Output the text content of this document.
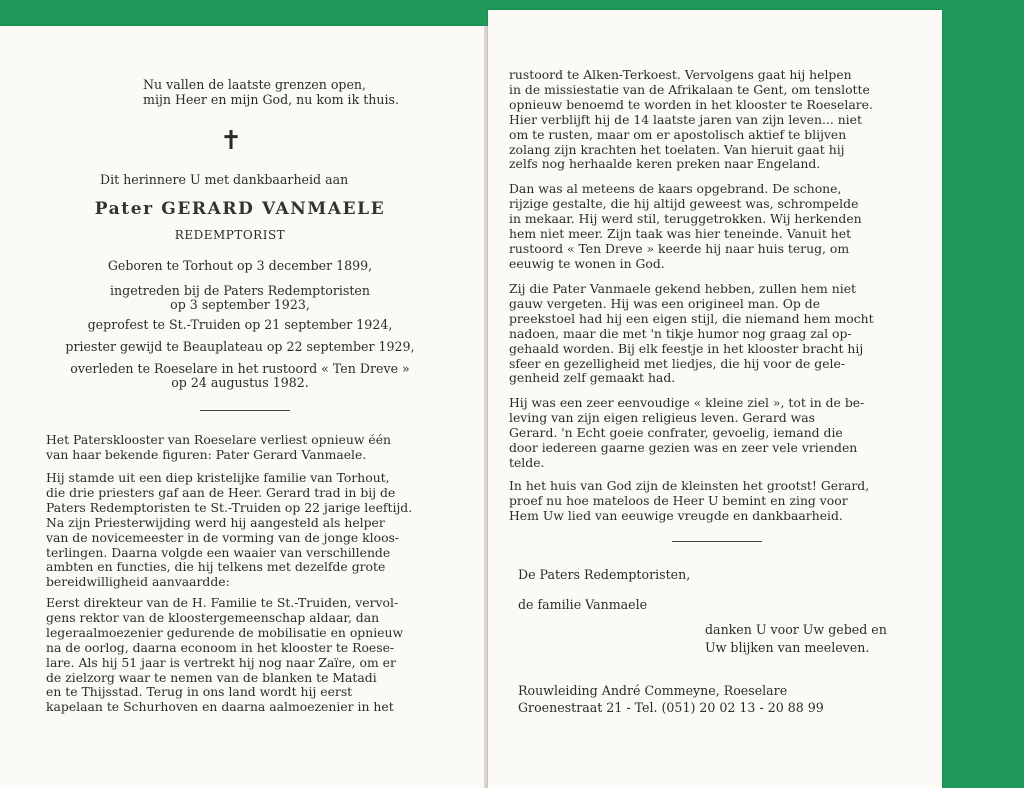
Nu vallen de laatste grenzen open,
mijn Heer en mijn God, nu kom ik thuis.
✝
Dit herinnere U met dankbaarheid aan
Pater GERARD VANMAELE
REDEMPTORIST
Geboren te Torhout op 3 december 1899,
ingetreden bij de Paters Redemptoristen
op 3 september 1923,
geprofest te St.-Truiden op 21 september 1924,
priester gewijd te Beauplateau op 22 september 1929,
overleden te Roeselare in het rustoord « Ten Dreve »
op 24 augustus 1982.
Het Patersklooster van Roeselare verliest opnieuw één
van haar bekende figuren: Pater Gerard Vanmaele.
Hij stamde uit een diep kristelijke familie van Torhout,
die drie priesters gaf aan de Heer. Gerard trad in bij de
Paters Redemptoristen te St.-Truiden op 22 jarige leeftijd.
Na zijn Priesterwijding werd hij aangesteld als helper
van de novicemeester in de vorming van de jonge kloos-
terlingen. Daarna volgde een waaier van verschillende
ambten en functies, die hij telkens met dezelfde grote
bereidwilligheid aanvaardde:
Eerst direkteur van de H. Familie te St.-Truiden, vervol-
gens rektor van de kloostergemeenschap aldaar, dan
legeraalmoezenier gedurende de mobilisatie en opnieuw
na de oorlog, daarna econoom in het klooster te Roese-
lare. Als hij 51 jaar is vertrekt hij nog naar Zaïre, om er
de zielzorg waar te nemen van de blanken te Matadi
en te Thijsstad. Terug in ons land wordt hij eerst
kapelaan te Schurhoven en daarna aalmoezenier in het
rustoord te Alken-Terkoest. Vervolgens gaat hij helpen
in de missiestatie van de Afrikalaan te Gent, om tenslotte
opnieuw benoemd te worden in het klooster te Roeselare.
Hier verblijft hij de 14 laatste jaren van zijn leven... niet
om te rusten, maar om er apostolisch aktief te blijven
zolang zijn krachten het toelaten. Van hieruit gaat hij
zelfs nog herhaalde keren preken naar Engeland.
Dan was al meteens de kaars opgebrand. De schone,
rijzige gestalte, die hij altijd geweest was, schrompelde
in mekaar. Hij werd stil, teruggetrokken. Wij herkenden
hem niet meer. Zijn taak was hier teneinde. Vanuit het
rustoord « Ten Dreve » keerde hij naar huis terug, om
eeuwig te wonen in God.
Zij die Pater Vanmaele gekend hebben, zullen hem niet
gauw vergeten. Hij was een origineel man. Op de
preekstoel had hij een eigen stijl, die niemand hem mocht
nadoen, maar die met 'n tikje humor nog graag zal op-
gehaald worden. Bij elk feestje in het klooster bracht hij
sfeer en gezelligheid met liedjes, die hij voor de gele-
genheid zelf gemaakt had.
Hij was een zeer eenvoudige « kleine ziel », tot in de be-
leving van zijn eigen religieus leven. Gerard was
Gerard. 'n Echt goeie confrater, gevoelig, iemand die
door iedereen gaarne gezien was en zeer vele vrienden
telde.
In het huis van God zijn de kleinsten het grootst! Gerard,
proef nu hoe mateloos de Heer U bemint en zing voor
Hem Uw lied van eeuwige vreugde en dankbaarheid.
De Paters Redemptoristen,
de familie Vanmaele
danken U voor Uw gebed en
Uw blijken van meeleven.
Rouwleiding André Commeyne, Roeselare
Groenestraat 21 - Tel. (051) 20 02 13 - 20 88 99
